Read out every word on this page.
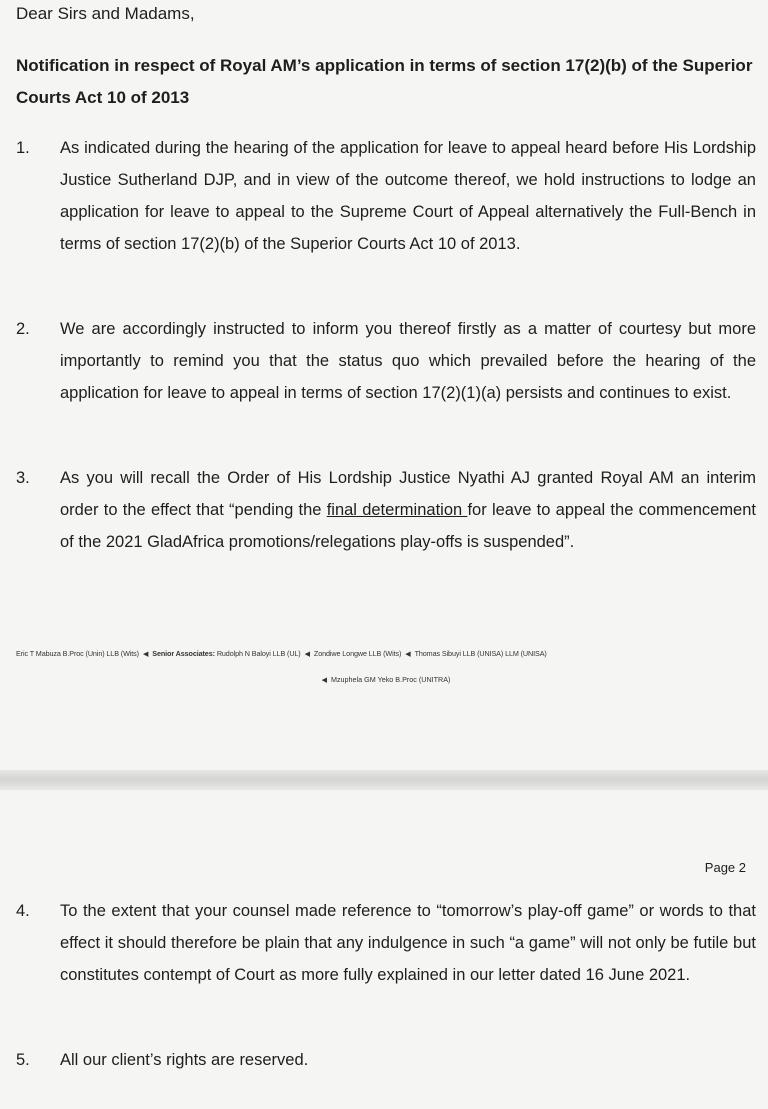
Dear Sirs and Madams,

Notification in respect of Royal AM’s application in terms of section 17(2)(b) of the Superior Courts Act 10 of 2013

1.	As indicated during the hearing of the application for leave to appeal heard before His Lordship Justice Sutherland DJP, and in view of the outcome thereof, we hold instructions to lodge an application for leave to appeal to the Supreme Court of Appeal alternatively the Full-Bench in terms of section 17(2)(b) of the Superior Courts Act 10 of 2013.
2.	We are accordingly instructed to inform you thereof firstly as a matter of courtesy but more importantly to remind you that the status quo which prevailed before the hearing of the application for leave to appeal in terms of section 17(2)(1)(a) persists and continues to exist.
3.	As you will recall the Order of His Lordship Justice Nyathi AJ granted Royal AM an interim order to the effect that “pending the final determination for leave to appeal the commencement of the 2021 GladAfrica promotions/relegations play-offs is suspended”.
Eric T Mabuza B.Proc (Unin) LLB (Wits) ◀ Senior Associates: Rudolph N Baloyi LLB (UL) ◀ Zondiwe Longwe LLB (Wits) ◀ Thomas Sibuyi LLB (UNISA) LLM (UNISA)
◀ Mzuphela GM Yeko B.Proc (UNITRA)
Page 2
4.	To the extent that your counsel made reference to “tomorrow’s play-off game” or words to that effect it should therefore be plain that any indulgence in such “a game” will not only be futile but constitutes contempt of Court as more fully explained in our letter dated 16 June 2021.
5.	All our client’s rights are reserved.
